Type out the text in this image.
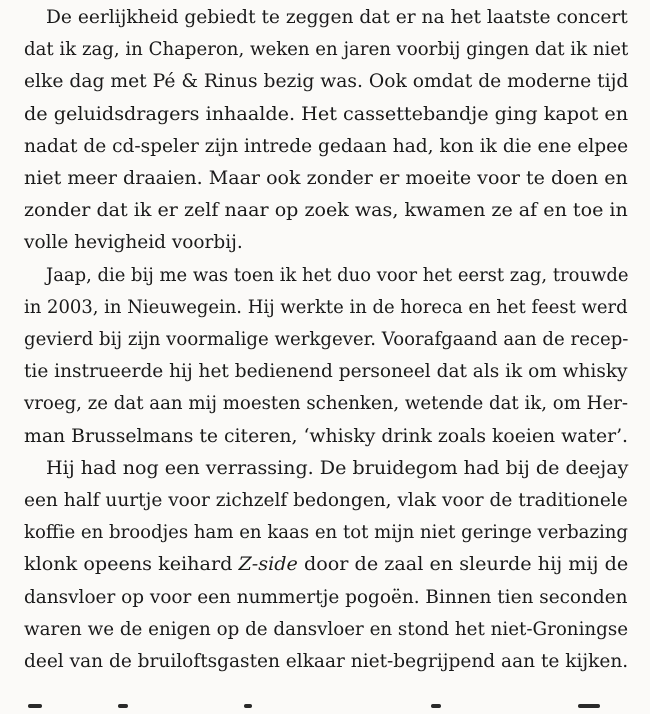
De eerlijkheid gebiedt te zeggen dat er na het laatste concert
dat ik zag, in Chaperon, weken en jaren voorbij gingen dat ik niet
elke dag met Pé & Rinus bezig was. Ook omdat de moderne tijd
de geluidsdragers inhaalde. Het cassettebandje ging kapot en
nadat de cd-speler zijn intrede gedaan had, kon ik die ene elpee
niet meer draaien. Maar ook zonder er moeite voor te doen en
zonder dat ik er zelf naar op zoek was, kwamen ze af en toe in
volle hevigheid voorbij.
Jaap, die bij me was toen ik het duo voor het eerst zag, trouwde
in 2003, in Nieuwegein. Hij werkte in de horeca en het feest werd
gevierd bij zijn voormalige werkgever. Voorafgaand aan de recep-
tie instrueerde hij het bedienend personeel dat als ik om whisky
vroeg, ze dat aan mij moesten schenken, wetende dat ik, om Her-
man Brusselmans te citeren, ‘whisky drink zoals koeien water’.
Hij had nog een verrassing. De bruidegom had bij de deejay
een half uurtje voor zichzelf bedongen, vlak voor de traditionele
koffie en broodjes ham en kaas en tot mijn niet geringe verbazing
klonk opeens keihard Z-side door de zaal en sleurde hij mij de
dansvloer op voor een nummertje pogoën. Binnen tien seconden
waren we de enigen op de dansvloer en stond het niet-Groningse
deel van de bruiloftsgasten elkaar niet-begrijpend aan te kijken.
